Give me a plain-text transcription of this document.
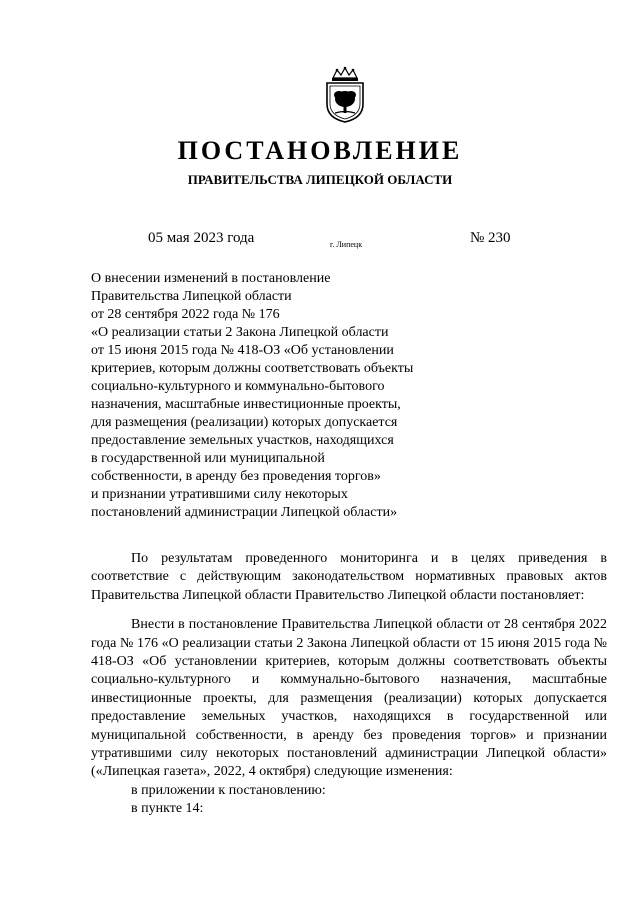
ПОСТАНОВЛЕНИЕ
ПРАВИТЕЛЬСТВА ЛИПЕЦКОЙ ОБЛАСТИ
05 мая 2023 года	г. Липецк	№ 230
О внесении изменений в постановление
Правительства Липецкой области
от 28 сентября 2022 года № 176
«О реализации статьи 2 Закона Липецкой области
от 15 июня 2015 года № 418-ОЗ «Об установлении
критериев, которым должны соответствовать объекты
социально-культурного и коммунально-бытового
назначения, масштабные инвестиционные проекты,
для размещения (реализации) которых допускается
предоставление земельных участков, находящихся
в государственной или муниципальной
собственности, в аренду без проведения торгов»
и признании утратившими силу некоторых
постановлений администрации Липецкой области»

По результатам проведенного мониторинга и в целях приведения в соответствие с действующим законодательством нормативных правовых актов Правительства Липецкой области Правительство Липецкой области постановляет:

Внести в постановление Правительства Липецкой области от 28 сентября 2022 года № 176 «О реализации статьи 2 Закона Липецкой области от 15 июня 2015 года № 418-ОЗ «Об установлении критериев, которым должны соответствовать объекты социально-культурного и коммунально-бытового назначения, масштабные инвестиционные проекты, для размещения (реализации) которых допускается предоставление земельных участков, находящихся в государственной или муниципальной собственности, в аренду без проведения торгов» и признании утратившими силу некоторых постановлений администрации Липецкой области» («Липецкая газета», 2022, 4 октября) следующие изменения:

в приложении к постановлению:

в пункте 14:
